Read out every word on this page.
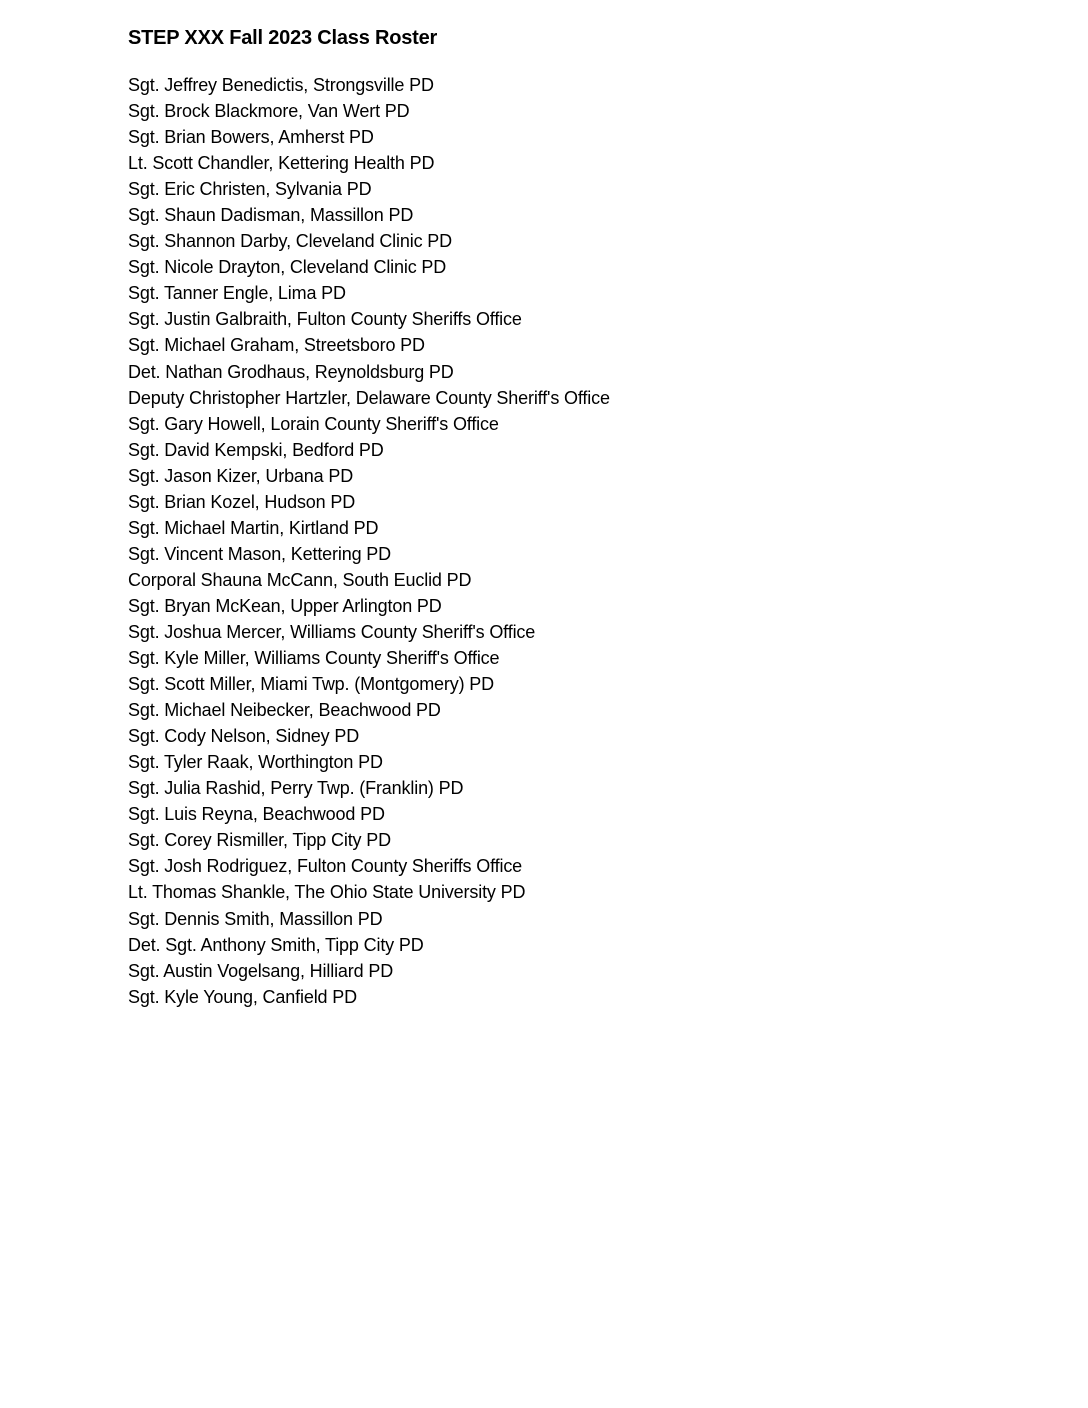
STEP XXX Fall 2023 Class Roster
Sgt. Jeffrey Benedictis, Strongsville PD
Sgt. Brock Blackmore, Van Wert PD
Sgt. Brian Bowers, Amherst PD
Lt. Scott Chandler, Kettering Health PD
Sgt. Eric Christen, Sylvania PD
Sgt. Shaun Dadisman, Massillon PD
Sgt. Shannon Darby, Cleveland Clinic PD
Sgt. Nicole Drayton, Cleveland Clinic PD
Sgt. Tanner Engle, Lima PD
Sgt. Justin Galbraith, Fulton County Sheriffs Office
Sgt. Michael Graham, Streetsboro PD
Det. Nathan Grodhaus, Reynoldsburg PD
Deputy Christopher Hartzler, Delaware County Sheriff's Office
Sgt. Gary Howell, Lorain County Sheriff's Office
Sgt. David Kempski, Bedford PD
Sgt. Jason Kizer, Urbana PD
Sgt. Brian Kozel, Hudson PD
Sgt. Michael Martin, Kirtland PD
Sgt. Vincent Mason, Kettering PD
Corporal Shauna McCann, South Euclid PD
Sgt. Bryan McKean, Upper Arlington PD
Sgt. Joshua Mercer, Williams County Sheriff's Office
Sgt. Kyle Miller, Williams County Sheriff's Office
Sgt. Scott Miller, Miami Twp. (Montgomery) PD
Sgt. Michael Neibecker, Beachwood PD
Sgt. Cody Nelson, Sidney PD
Sgt. Tyler Raak, Worthington PD
Sgt. Julia Rashid, Perry Twp. (Franklin) PD
Sgt. Luis Reyna, Beachwood PD
Sgt. Corey Rismiller, Tipp City PD
Sgt. Josh Rodriguez, Fulton County Sheriffs Office
Lt. Thomas Shankle, The Ohio State University PD
Sgt. Dennis Smith, Massillon PD
Det. Sgt. Anthony Smith, Tipp City PD
Sgt. Austin Vogelsang, Hilliard PD
Sgt. Kyle Young, Canfield PD
